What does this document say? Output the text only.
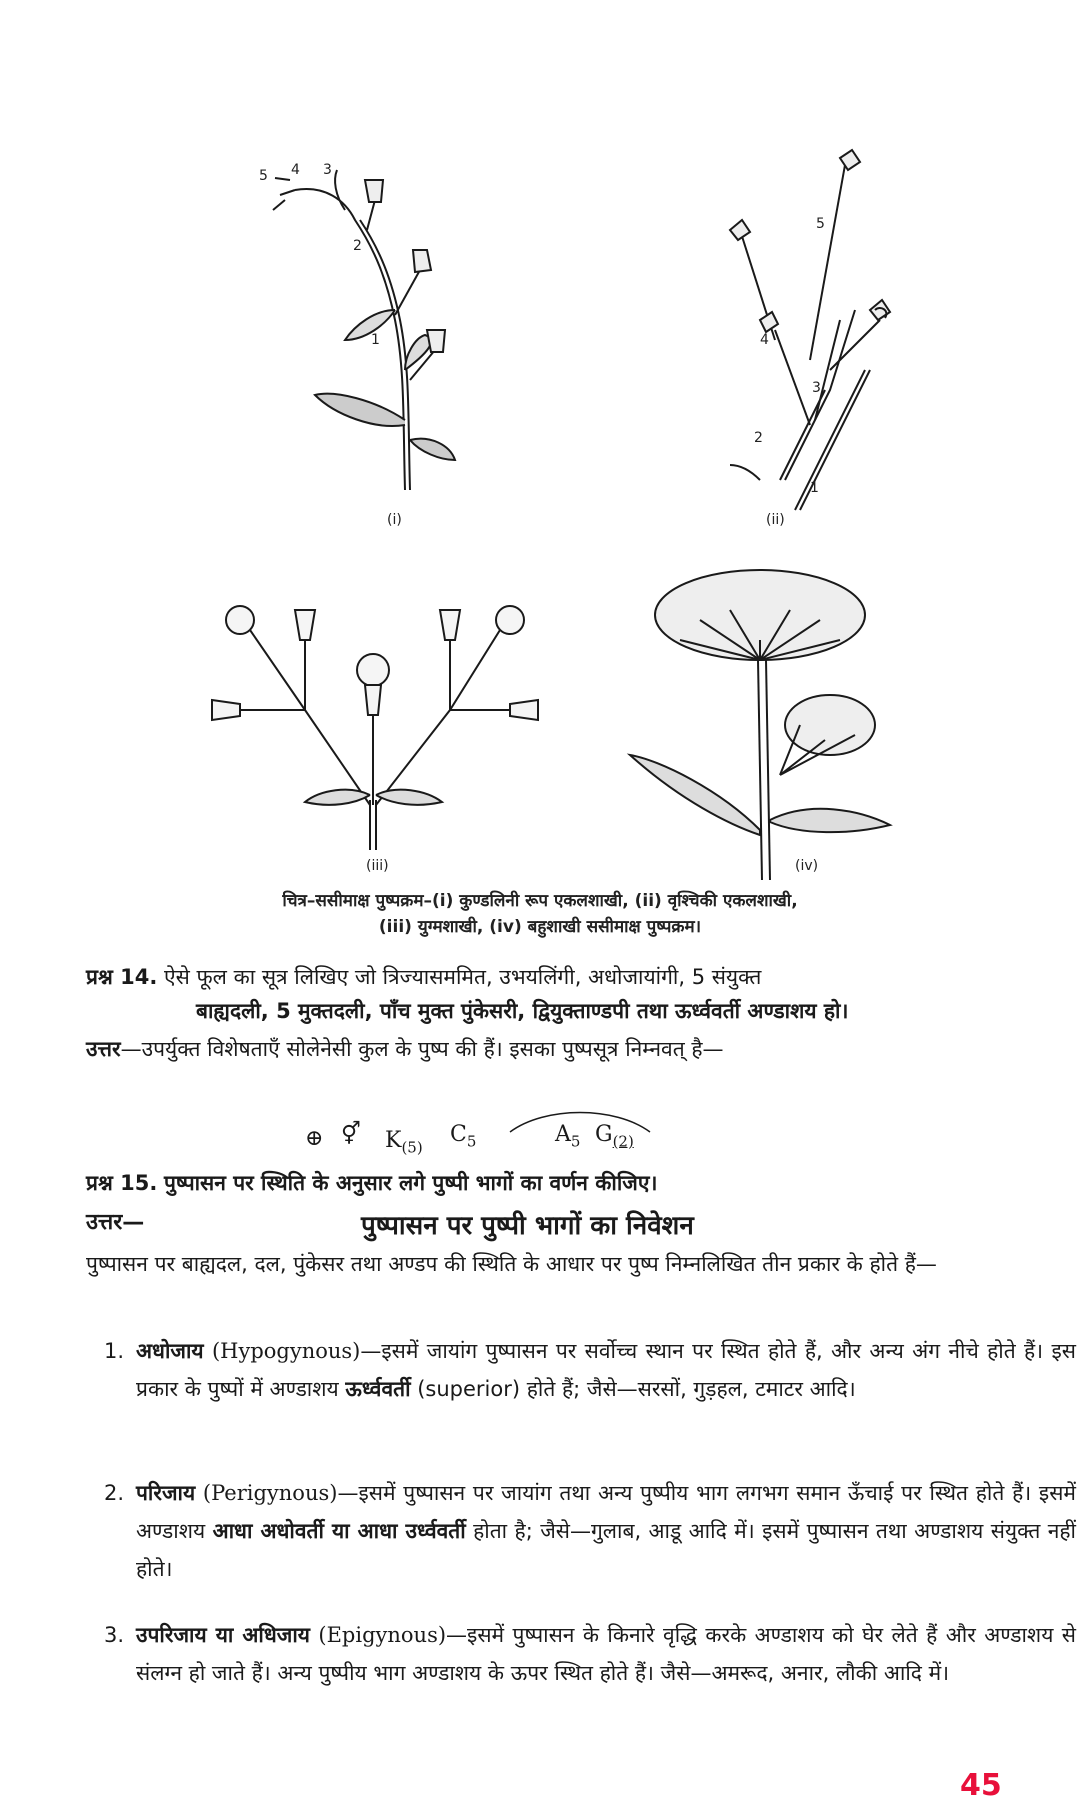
5 4 3
2
1
(i)
5
4
3
2
1
(ii)
(iii)	(iv)
चित्र–ससीमाक्ष पुष्पक्रम–(i) कुण्डलिनी रूप एकलशाखी, (ii) वृश्चिकी एकलशाखी,
(iii) युग्मशाखी, (iv) बहुशाखी ससीमाक्ष पुष्पक्रम।
प्रश्न 14. ऐसे फूल का सूत्र लिखिए जो त्रिज्यासममित, उभयलिंगी, अधोजायांगी, 5 संयुक्त
बाह्यदली, 5 मुक्तदली, पाँच मुक्त पुंकेसरी, द्वियुक्ताण्डपी तथा ऊर्ध्ववर्ती अण्डाशय हो।
उत्तर—उपर्युक्त विशेषताएँ सोलेनेसी कुल के पुष्प की हैं। इसका पुष्पसूत्र निम्नवत् है—
⊕ ⚥ $K_{(5)}$
$C_5$	$A_5$ $G_{(2)}$
प्रश्न 15. पुष्पासन पर स्थिति के अनुसार लगे पुष्पी भागों का वर्णन कीजिए।
उत्तर—	पुष्पासन पर पुष्पी भागों का निवेशन
पुष्पासन पर बाह्यदल, दल, पुंकेसर तथा अण्डप की स्थिति के आधार पर पुष्प निम्नलिखित तीन प्रकार के होते हैं—
1. अधोजाय (Hypogynous)—इसमें जायांग पुष्पासन पर सर्वोच्च स्थान पर स्थित होते हैं, और अन्य अंग नीचे होते हैं। इस प्रकार के पुष्पों में अण्डाशय ऊर्ध्ववर्ती (superior) होते हैं; जैसे—सरसों, गुड़हल, टमाटर आदि।
2. परिजाय (Perigynous)—इसमें पुष्पासन पर जायांग तथा अन्य पुष्पीय भाग लगभग समान ऊँचाई पर स्थित होते हैं। इसमें अण्डाशय आधा अधोवर्ती या आधा उर्ध्ववर्ती होता है; जैसे—गुलाब, आडू आदि में। इसमें पुष्पासन तथा अण्डाशय संयुक्त नहीं होते।
3. उपरिजाय या अधिजाय (Epigynous)—इसमें पुष्पासन के किनारे वृद्धि करके अण्डाशय को घेर लेते हैं और अण्डाशय से संलग्न हो जाते हैं। अन्य पुष्पीय भाग अण्डाशय के ऊपर स्थित होते हैं। जैसे—अमरूद, अनार, लौकी आदि में।
45
